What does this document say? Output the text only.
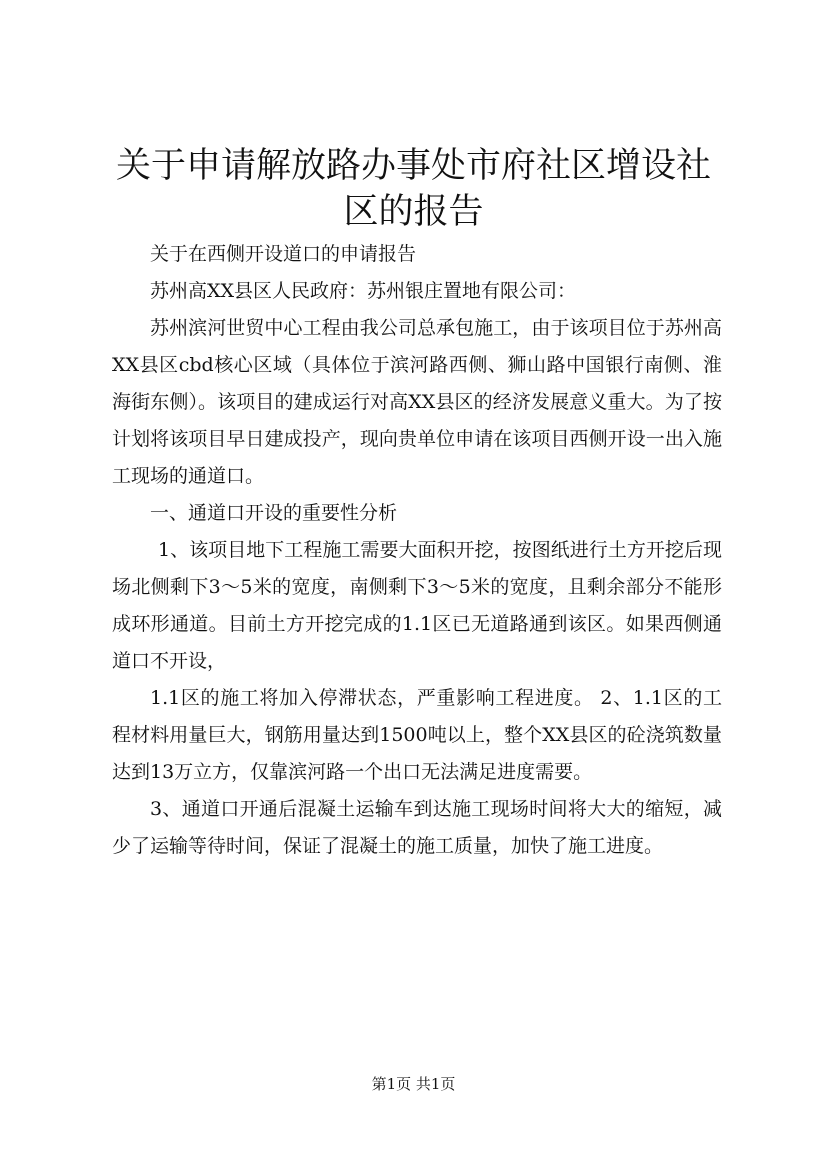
关于申请解放路办事处市府社区增设社区的报告

关于在西侧开设道口的申请报告

苏州高XX县区人民政府：苏州银庄置地有限公司：

苏州滨河世贸中心工程由我公司总承包施工，由于该项目位于苏州高XX县区cbd核心区域（具体位于滨河路西侧、狮山路中国银行南侧、淮海街东侧）。该项目的建成运行对高XX县区的经济发展意义重大。为了按计划将该项目早日建成投产，现向贵单位申请在该项目西侧开设一出入施工现场的通道口。

一、通道口开设的重要性分析

1、该项目地下工程施工需要大面积开挖，按图纸进行土方开挖后现场北侧剩下3～5米的宽度，南侧剩下3～5米的宽度，且剩余部分不能形成环形通道。目前土方开挖完成的1.1区已无道路通到该区。如果西侧通道口不开设，

1.1区的施工将加入停滞状态，严重影响工程进度。 2、1.1区的工程材料用量巨大，钢筋用量达到1500吨以上，整个XX县区的砼浇筑数量达到13万立方，仅靠滨河路一个出口无法满足进度需要。

3、通道口开通后混凝土运输车到达施工现场时间将大大的缩短，减少了运输等待时间，保证了混凝土的施工质量，加快了施工进度。

第1页 共1页
